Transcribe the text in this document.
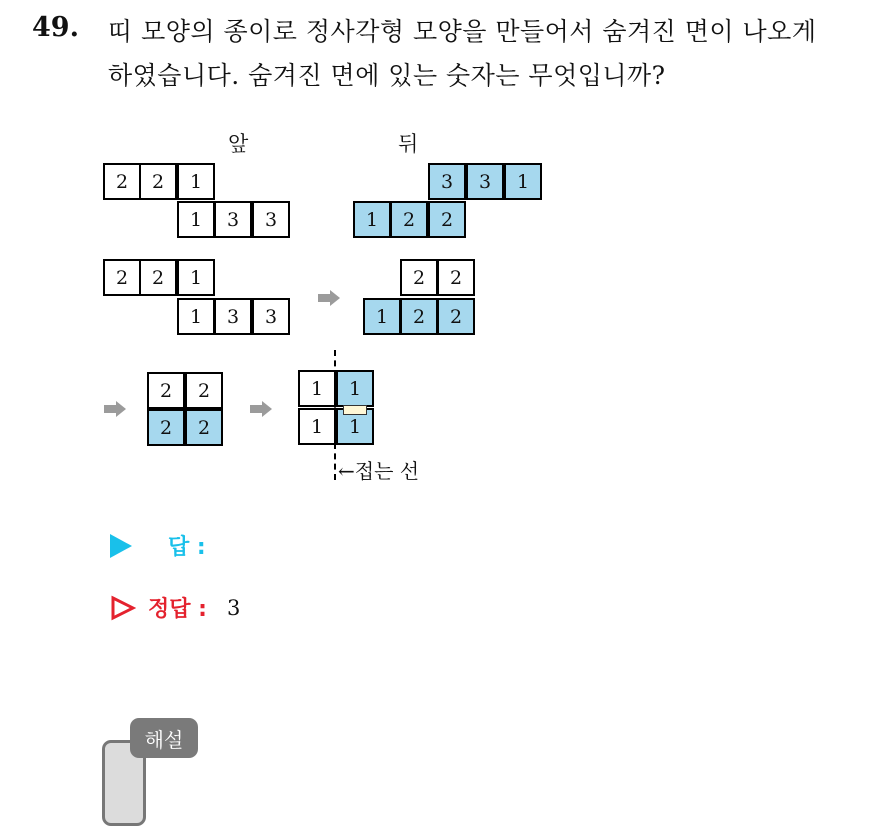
49. 띠 모양의 종이로 정사각형 모양을 만들어서 숨겨진 면이 나오게
하였습니다. 숨겨진 면에 있는 숫자는 무엇입니까?
앞	뒤
2	2	1
1	3	3
3	3	1
1	2	2
2	2	1
1	3	3
2	2
1	2	2
2	2
2	2
1	1
1	1
←접는 선
답 :
정답 : 3
해설
